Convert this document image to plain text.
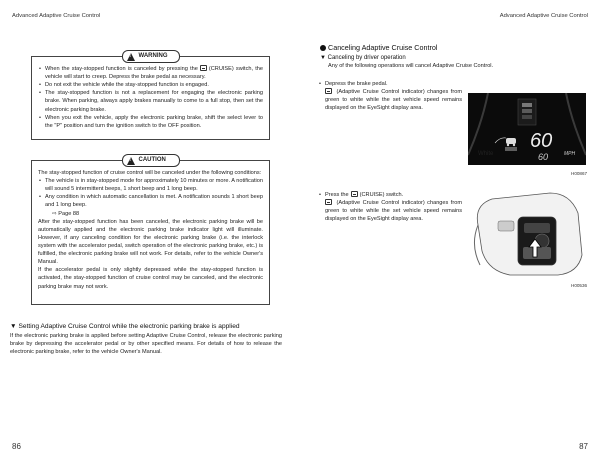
Advanced Adaptive Cruise Control	Advanced Adaptive Cruise Control
!
WARNING
• When the stay-stopped function is canceled by pressing the (CRUISE) switch, the vehicle will start to creep. Depress the brake pedal as necessary.
• Do not exit the vehicle while the stay-stopped function is engaged.
• The stay-stopped function is not a replacement for engaging the electronic parking brake. When parking, always apply brakes manually to come to a full stop, then set the electronic parking brake.
• When you exit the vehicle, apply the electronic parking brake, shift the select lever to the "P" position and turn the ignition switch to the OFF position.
!
CAUTION
The stay-stopped function of cruise control will be canceled under the following conditions:
• The vehicle is in stay-stopped mode for approximately 10 minutes or more. A notification will sound 5 intermittent beeps, 1 short beep and 1 long beep.
• Any condition in which automatic cancellation is met. A notification sounds 1 short beep and 1 long beep.
⇨ Page 88
After the stay-stopped function has been canceled, the electronic parking brake will be automatically applied and the electronic parking brake indicator light will illuminate. However, if any canceling condition for the electronic parking brake (i.e. the interlock system with the accelerator pedal, switch operation of the electronic parking brake, etc.) is fulfilled, the electronic parking brake will not work. For details, refer to the vehicle Owner's Manual.
If the accelerator pedal is only slightly depressed while the stay-stopped function is activated, the stay-stopped function of cruise control may be canceled, and the electronic parking brake may not work.
▼ Setting Adaptive Cruise Control while the electronic parking brake is applied
If the electronic parking brake is applied before setting Adaptive Cruise Control, release the electronic parking brake by depressing the accelerator pedal or by other specified means. For details of how to release the electronic parking brake, refer to the vehicle Owner's Manual.
Canceling Adaptive Cruise Control
▼ Canceling by driver operation
Any of the following operations will cancel Adaptive Cruise Control.
• Depress the brake pedal.
(Adaptive Cruise Control indicator) changes from green to white while the set vehicle speed remains displayed on the EyeSight display area.
• Press the (CRUISE) switch.
(Adaptive Cruise Control indicator) changes from green to white while the set vehicle speed remains displayed on the EyeSight display area.
60
60	MPH
White
H00867
H00536
86	87
